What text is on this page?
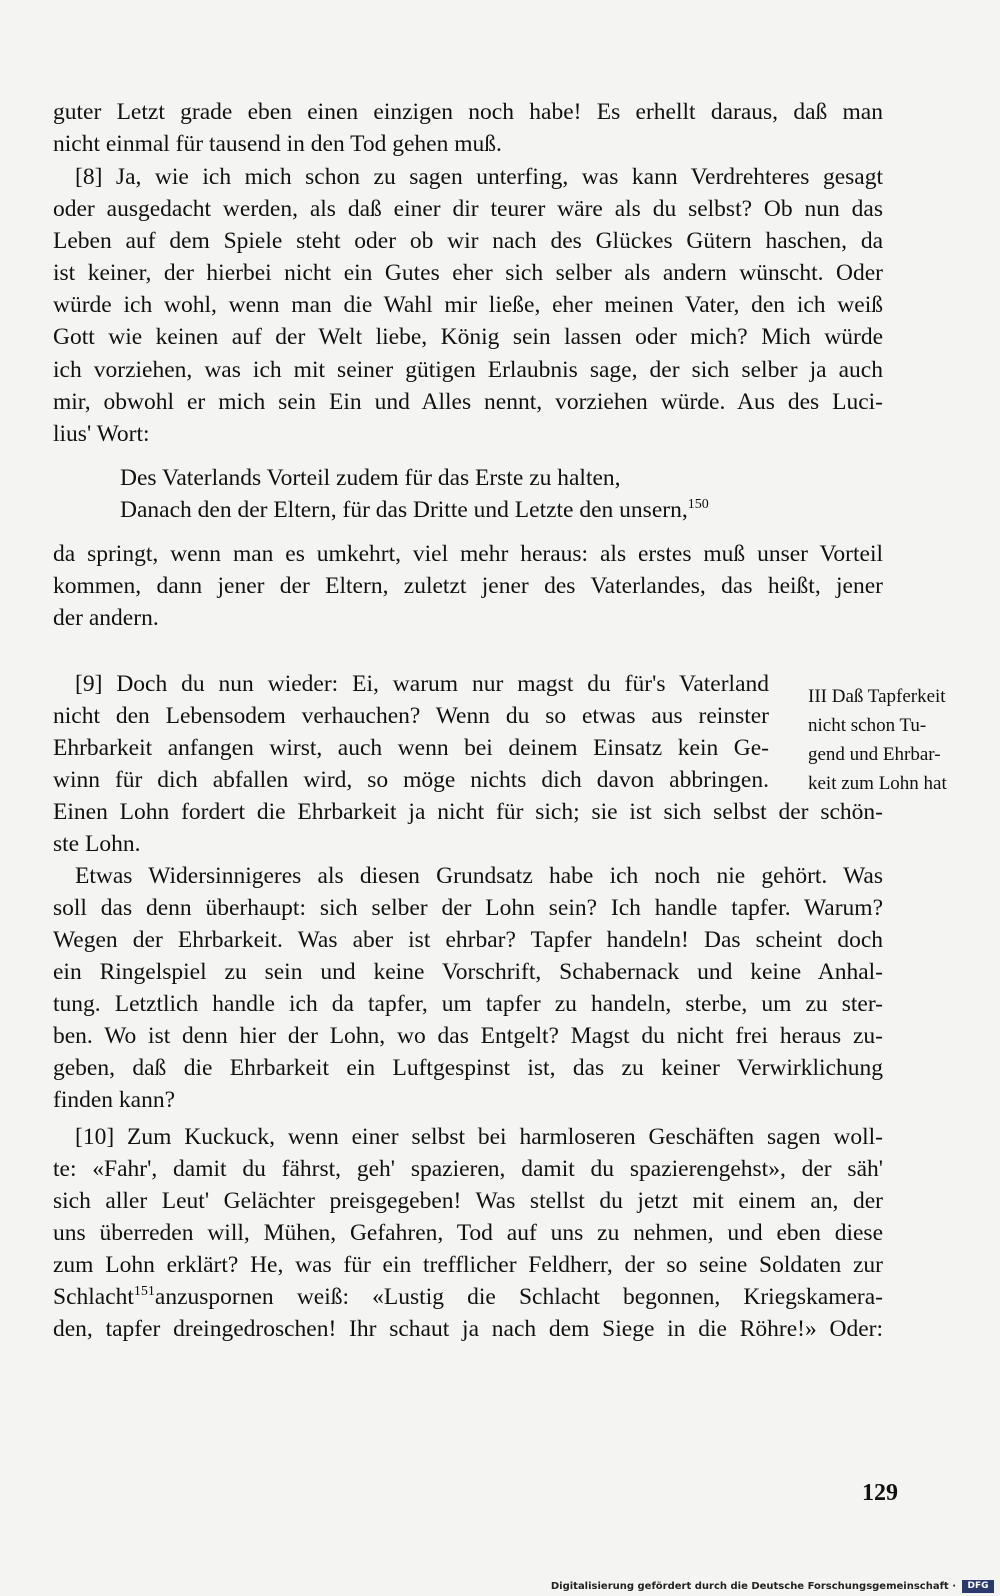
guter Letzt grade eben einen einzigen noch habe! Es erhellt daraus, daß man
nicht einmal für tausend in den Tod gehen muß.
[8] Ja, wie ich mich schon zu sagen unterfing, was kann Verdrehteres gesagt
oder ausgedacht werden, als daß einer dir teurer wäre als du selbst? Ob nun das
Leben auf dem Spiele steht oder ob wir nach des Glückes Gütern haschen, da
ist keiner, der hierbei nicht ein Gutes eher sich selber als andern wünscht. Oder
würde ich wohl, wenn man die Wahl mir ließe, eher meinen Vater, den ich weiß
Gott wie keinen auf der Welt liebe, König sein lassen oder mich? Mich würde
ich vorziehen, was ich mit seiner gütigen Erlaubnis sage, der sich selber ja auch
mir, obwohl er mich sein Ein und Alles nennt, vorziehen würde. Aus des Luci-
lius' Wort:
Des Vaterlands Vorteil zudem für das Erste zu halten,
Danach den der Eltern, für das Dritte und Letzte den unsern,$^{150}$
da springt, wenn man es umkehrt, viel mehr heraus: als erstes muß unser Vorteil
kommen, dann jener der Eltern, zuletzt jener des Vaterlandes, das heißt, jener
der andern.
[9] Doch du nun wieder: Ei, warum nur magst du für's Vaterland
nicht den Lebensodem verhauchen? Wenn du so etwas aus reinster
Ehrbarkeit anfangen wirst, auch wenn bei deinem Einsatz kein Ge-
winn für dich abfallen wird, so möge nichts dich davon abbringen.
Einen Lohn fordert die Ehrbarkeit ja nicht für sich; sie ist sich selbst der schön-
ste Lohn.
III Daß Tapferkeit
nicht schon Tu-
gend und Ehrbar-
keit zum Lohn hat
Etwas Widersinnigeres als diesen Grundsatz habe ich noch nie gehört. Was
soll das denn überhaupt: sich selber der Lohn sein? Ich handle tapfer. Warum?
Wegen der Ehrbarkeit. Was aber ist ehrbar? Tapfer handeln! Das scheint doch
ein Ringelspiel zu sein und keine Vorschrift, Schabernack und keine Anhal-
tung. Letztlich handle ich da tapfer, um tapfer zu handeln, sterbe, um zu ster-
ben. Wo ist denn hier der Lohn, wo das Entgelt? Magst du nicht frei heraus zu-
geben, daß die Ehrbarkeit ein Luftgespinst ist, das zu keiner Verwirklichung
finden kann?
[10] Zum Kuckuck, wenn einer selbst bei harmloseren Geschäften sagen woll-
te: «Fahr', damit du fährst, geh' spazieren, damit du spazierengehst», der säh'
sich aller Leut' Gelächter preisgegeben! Was stellst du jetzt mit einem an, der
uns überreden will, Mühen, Gefahren, Tod auf uns zu nehmen, und eben diese
zum Lohn erklärt? He, was für ein trefflicher Feldherr, der so seine Soldaten zur
Schlacht$^{151}$ anzuspornen weiß: «Lustig die Schlacht begonnen, Kriegskamera-
den, tapfer dreingedroschen! Ihr schaut ja nach dem Siege in die Röhre!» Oder:
129
Digitalisierung gefördert durch die Deutsche Forschungsgemeinschaft ·	DFG
